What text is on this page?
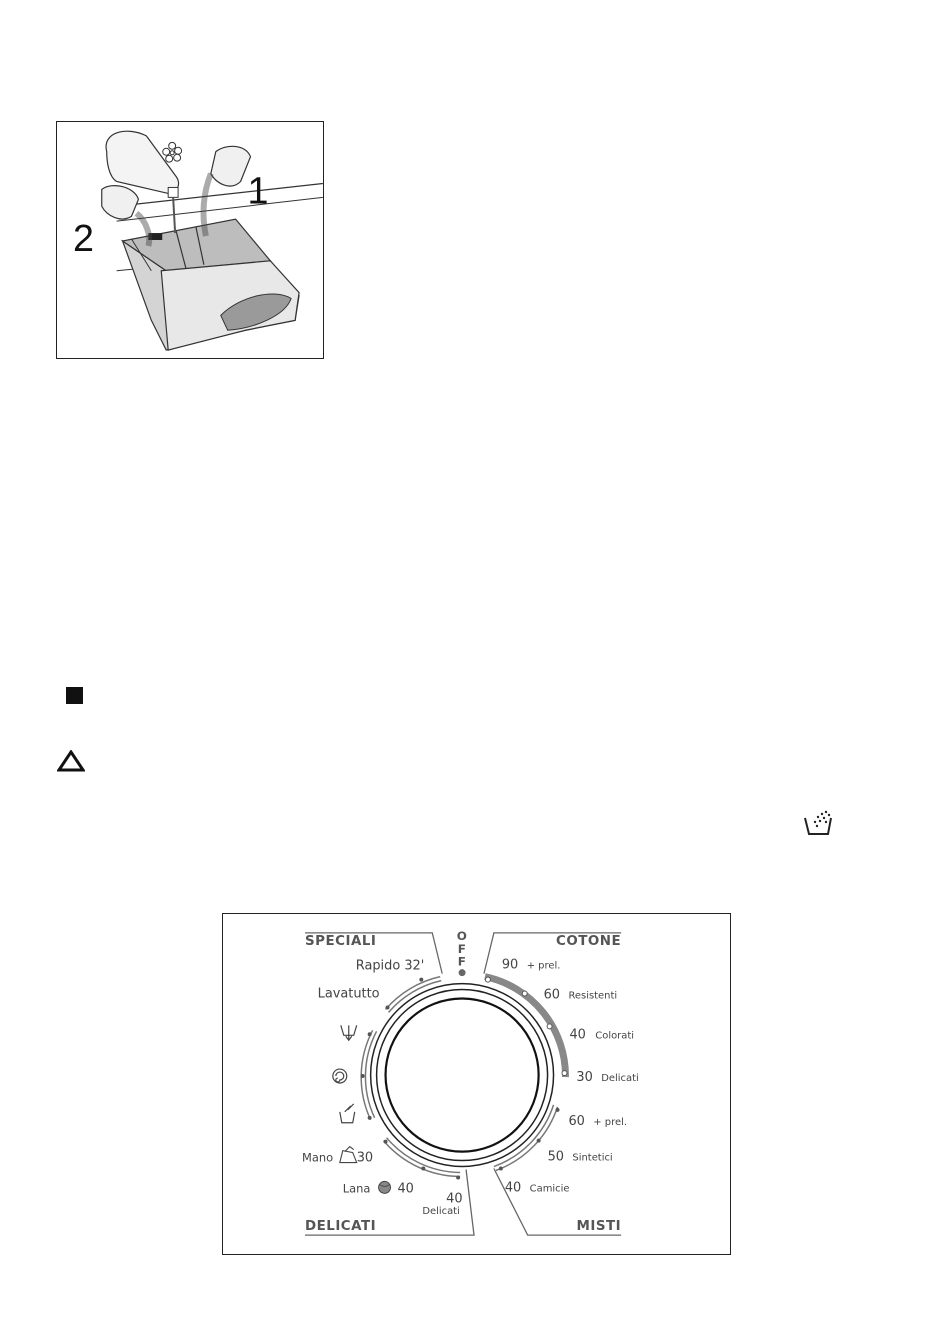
1
2
O
F
F
SPECIALI	COTONE
DELICATI	MISTI
Rapido 32'
Lavatutto
90 + prel.
60 Resistenti
40 Colorati
30 Delicati
60 + prel.
50 Sintetici
40 Camicie
Mano 30
Lana 40
40
Delicati
